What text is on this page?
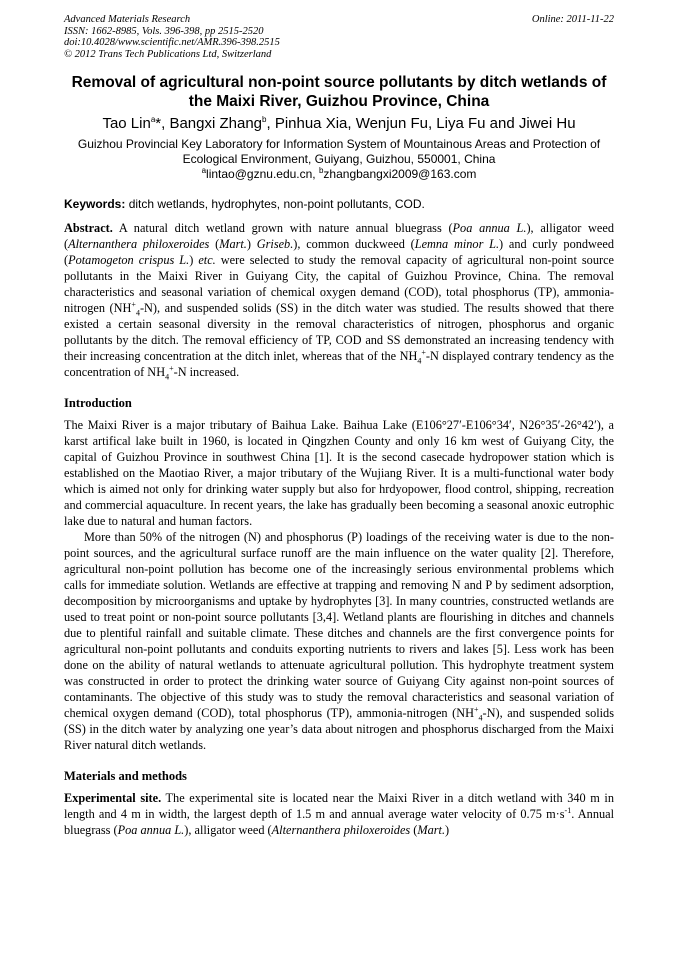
Advanced Materials Research
ISSN: 1662-8985, Vols. 396-398, pp 2515-2520
doi:10.4028/www.scientific.net/AMR.396-398.2515
© 2012 Trans Tech Publications Ltd, Switzerland
Online: 2011-11-22
Removal of agricultural non-point source pollutants by ditch wetlands of the Maixi River, Guizhou Province, China
Tao Lin$^a$*, Bangxi Zhang$^b$, Pinhua Xia, Wenjun Fu, Liya Fu and Jiwei Hu
Guizhou Provincial Key Laboratory for Information System of Mountainous Areas and Protection of
Ecological Environment, Guiyang, Guizhou, 550001, China
$^a$lintao@gznu.edu.cn, $^b$zhangbangxi2009@163.com
Keywords: ditch wetlands, hydrophytes, non-point pollutants, COD.

Abstract. A natural ditch wetland grown with nature annual bluegrass (Poa annua L.), alligator weed (Alternanthera philoxeroides (Mart.) Griseb.), common duckweed (Lemna minor L.) and curly pondweed (Potamogeton crispus L.) etc. were selected to study the removal capacity of agricultural non-point source pollutants in the Maixi River in Guiyang City, the capital of Guizhou Province, China. The removal characteristics and seasonal variation of chemical oxygen demand (COD), total phosphorus (TP), ammonia-nitrogen $(NH^+_4-N)$, and suspended solids (SS) in the ditch water was studied. The results showed that there existed a certain seasonal diversity in the removal characteristics of nitrogen, phosphorus and organic pollutants by the ditch. The removal efficiency of TP, COD and SS demonstrated an increasing tendency with their increasing concentration at the ditch inlet, whereas that of the $NH_4^+-N$ displayed contrary tendency as the concentration of $NH_4^+-N$ increased.

Introduction

The Maixi River is a major tributary of Baihua Lake. Baihua Lake (E106°27′-E106°34′, N26°35′-26°42′), a karst artifical lake built in 1960, is located in Qingzhen County and only 16 km west of Guiyang City, the capital of Guizhou Province in southwest China [1]. It is the second casecade hydropower station which is established on the Maotiao River, a major tributary of the Wujiang River. It is a multi-functional water body which is aimed not only for drinking water supply but also for hrdyopower, flood control, shipping, recreation and commercial aquaculture. In recent years, the lake has gradually been becoming a seasonal anoxic eutrophic lake due to natural and human factors.

More than 50% of the nitrogen (N) and phosphorus (P) loadings of the receiving water is due to the non-point sources, and the agricultural surface runoff are the main influence on the water quality [2]. Therefore, agricultural non-point pollution has become one of the increasingly serious environmental problems which calls for immediate solution. Wetlands are effective at trapping and removing N and P by sediment adsorption, decomposition by microorganisms and uptake by hydrophytes [3]. In many countries, constructed wetlands are used to treat point or non-point source pollutants [3,4]. Wetland plants are flourishing in ditches and channels due to plentiful rainfall and suitable climate. These ditches and channels are the first convergence points for agricultural non-point pollutants and conduits exporting nutrients to rivers and lakes [5]. Less work has been done on the ability of natural wetlands to attenuate agricultural pollution. This hydrophyte treatment system was constructed in order to protect the drinking water source of Guiyang City against non-point sources of contaminants. The objective of this study was to study the removal characteristics and seasonal variation of chemical oxygen demand (COD), total phosphorus (TP), ammonia-nitrogen $(NH^+_4-N)$, and suspended solids (SS) in the ditch water by analyzing one year’s data about nitrogen and phosphorus discharged from the Maixi River natural ditch wetlands.

Materials and methods

Experimental site. The experimental site is located near the Maixi River in a ditch wetland with 340 m in length and 4 m in width, the largest depth of 1.5 m and annual average water velocity of 0.75 $m\cdot s^{-1}$. Annual bluegrass (Poa annua L.), alligator weed (Alternanthera philoxeroides (Mart.)
